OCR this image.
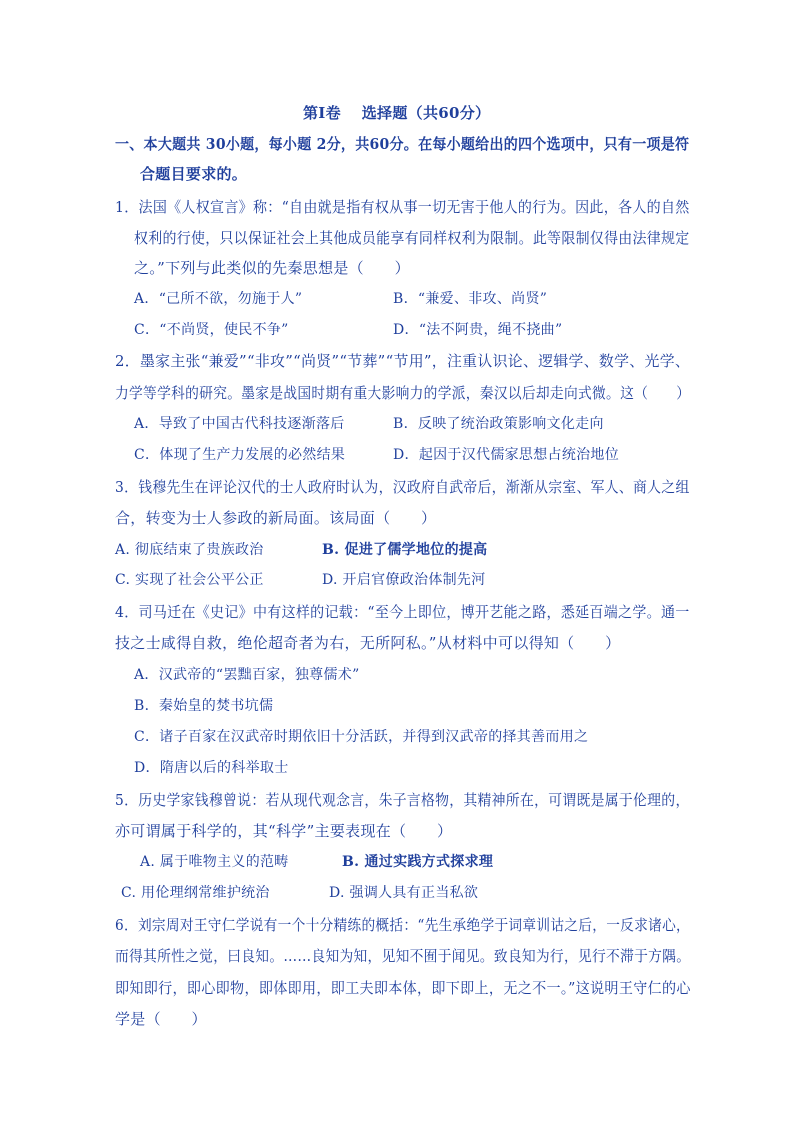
第Ⅰ卷　 选择题（共60分）
一、本大题共 30小题，每小题 2分，共60分。在每小题给出的四个选项中，只有一项是符
合题目要求的。
1．法国《人权宣言》称：“自由就是指有权从事一切无害于他人的行为。因此，各人的自然
权利的行使，只以保证社会上其他成员能享有同样权利为限制。此等限制仅得由法律规定
之。”下列与此类似的先秦思想是（　　）
A．“己所不欲，勿施于人”	B．“兼爱、非攻、尚贤”
C．“不尚贤，使民不争”	D．“法不阿贵，绳不挠曲”
2．墨家主张“兼爱”“非攻”“尚贤”“节葬”“节用”，注重认识论、逻辑学、数学、光学、
力学等学科的研究。墨家是战国时期有重大影响力的学派，秦汉以后却走向式微。这（　　）
A．导致了中国古代科技逐渐落后	B．反映了统治政策影响文化走向
C．体现了生产力发展的必然结果	D．起因于汉代儒家思想占统治地位
3．钱穆先生在评论汉代的士人政府时认为，汉政府自武帝后，渐渐从宗室、军人、商人之组
合，转变为士人参政的新局面。该局面（　　）
A. 彻底结束了贵族政治	B. 促进了儒学地位的提高
C. 实现了社会公平公正	D. 开启官僚政治体制先河
4．司马迁在《史记》中有这样的记载：“至今上即位，博开艺能之路，悉延百端之学。通一
技之士咸得自救，绝伦超奇者为右，无所阿私。”从材料中可以得知（　　）
A．汉武帝的“罢黜百家，独尊儒术”
B．秦始皇的焚书坑儒
C．诸子百家在汉武帝时期依旧十分活跃，并得到汉武帝的择其善而用之
D．隋唐以后的科举取士
5．历史学家钱穆曾说：若从现代观念言，朱子言格物，其精神所在，可谓既是属于伦理的，
亦可谓属于科学的，其“科学”主要表现在（　　）
A. 属于唯物主义的范畴	B. 通过实践方式探求理
C. 用伦理纲常维护统治	D. 强调人具有正当私欲
6．刘宗周对王守仁学说有一个十分精练的概括：“先生承绝学于词章训诂之后，一反求诸心，
而得其所性之觉，曰良知。……良知为知，见知不囿于闻见。致良知为行，见行不滞于方隅。
即知即行，即心即物，即体即用，即工夫即本体，即下即上，无之不一。”这说明王守仁的心
学是（　　）
